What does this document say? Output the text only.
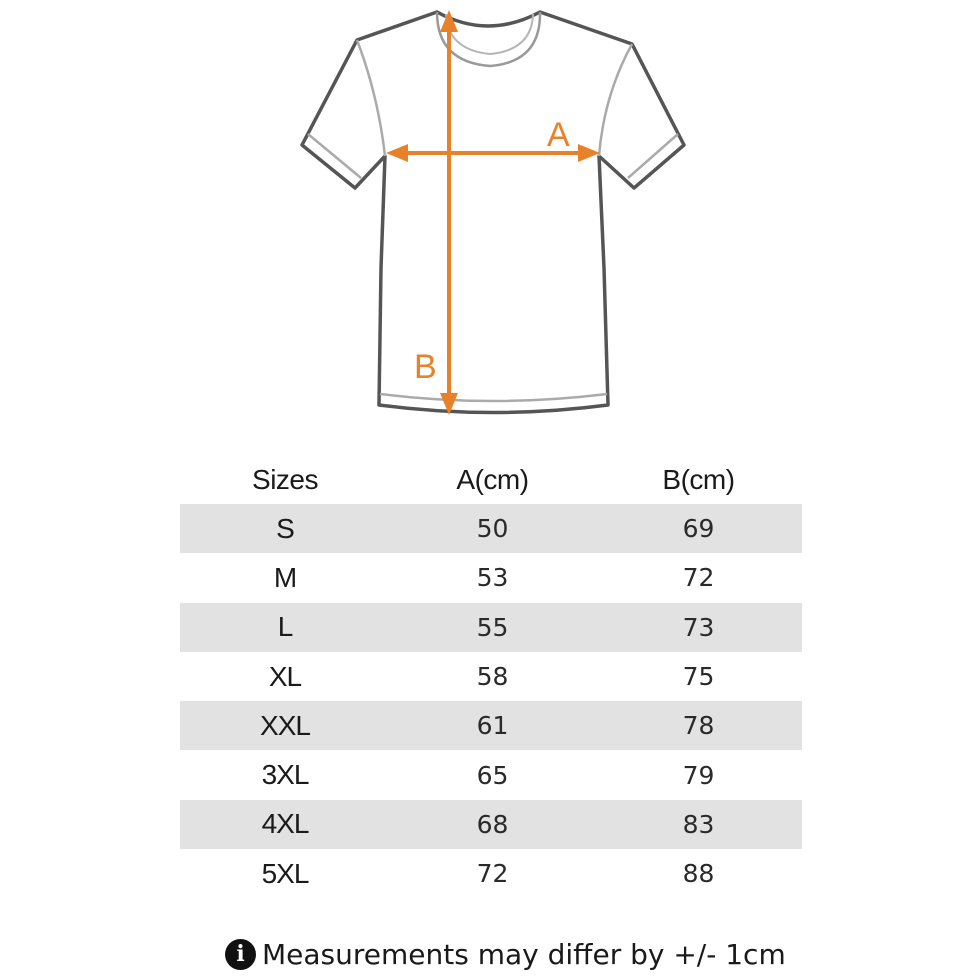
A
B
Sizes	A(cm)	B(cm)
S	50	69
M	53	72
L	55	73
XL	58	75
XXL	61	78
3XL	65	79
4XL	68	83
5XL	72	88
i Measurements may differ by +/- 1cm
